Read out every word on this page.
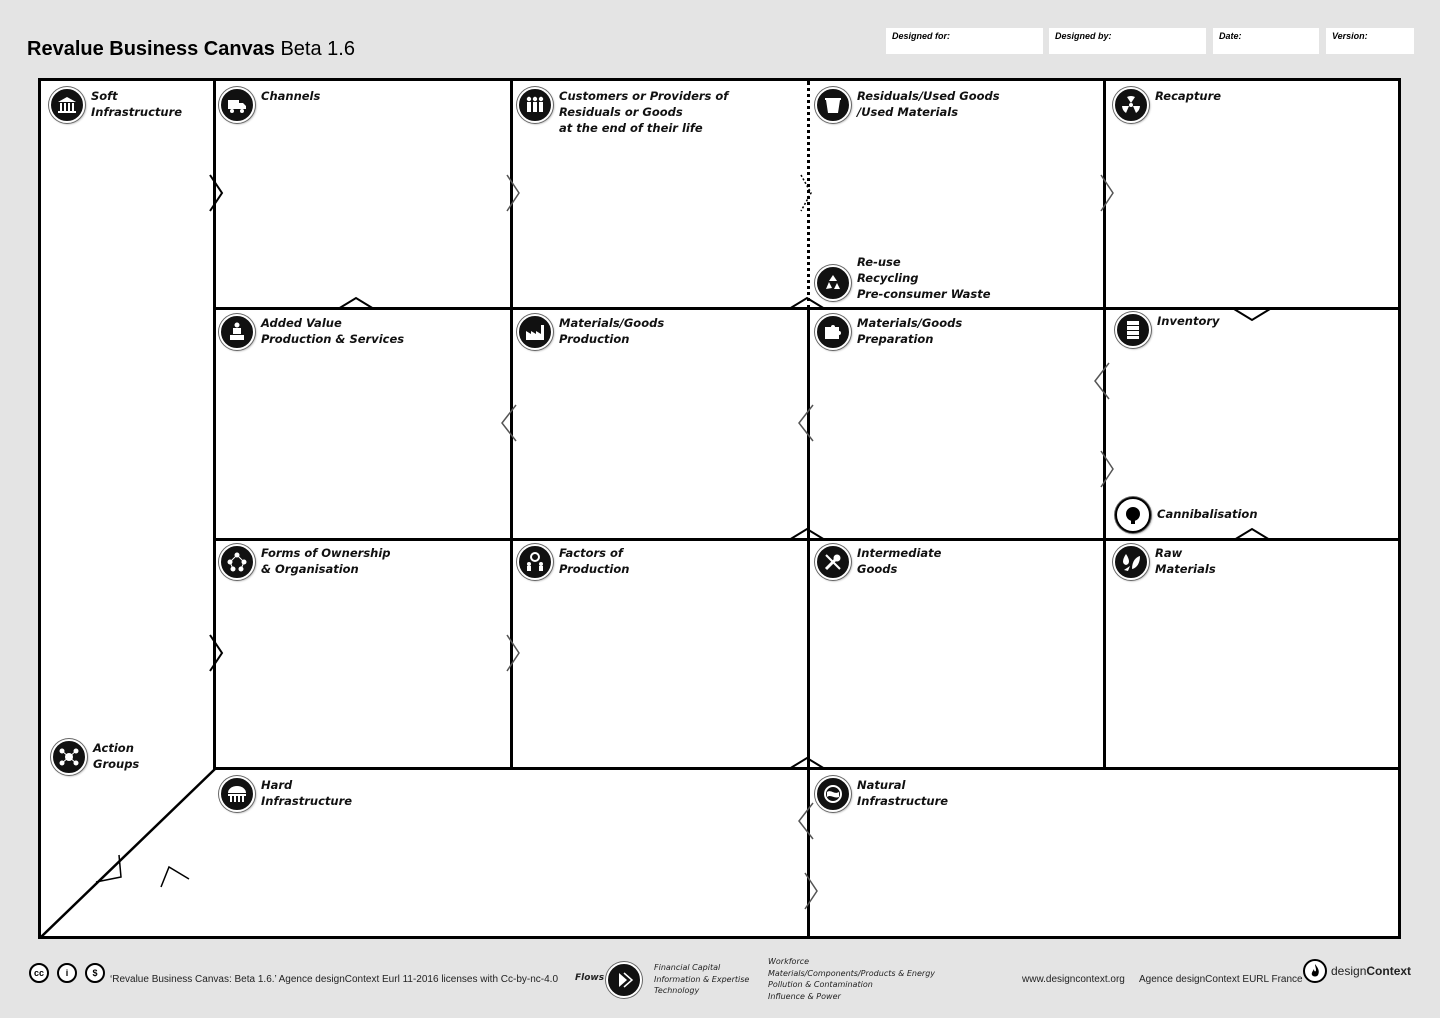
Revalue Business Canvas Beta 1.6
Designed for:	Designed by:	Date:	Version:
Soft
Infrastructure
Action
Groups
Channels	Customers or Providers of
Residuals or Goods
at the end of their life
Residuals/Used Goods
/Used Materials
Re-use
Recycling
Pre-consumer Waste
Recapture
Added Value
Production & Services
Materials/Goods
Production
Materials/Goods
Preparation
Inventory
Cannibalisation
Forms of Ownership
& Organisation
Factors of
Production
Intermediate
Goods
Raw
Materials
Hard
Infrastructure
Natural
Infrastructure
cc	i	$
‘Revalue Business Canvas: Beta 1.6.’ Agence designContext Eurl 11-2016 licenses with Cc-by-nc-4.0 Flows
Financial Capital
Information & Expertise
Technology
Workforce
Materials/Components/Products & Energy
Pollution & Contamination
Influence & Power
www.designcontext.org Agence designContext EURL France
designContext
